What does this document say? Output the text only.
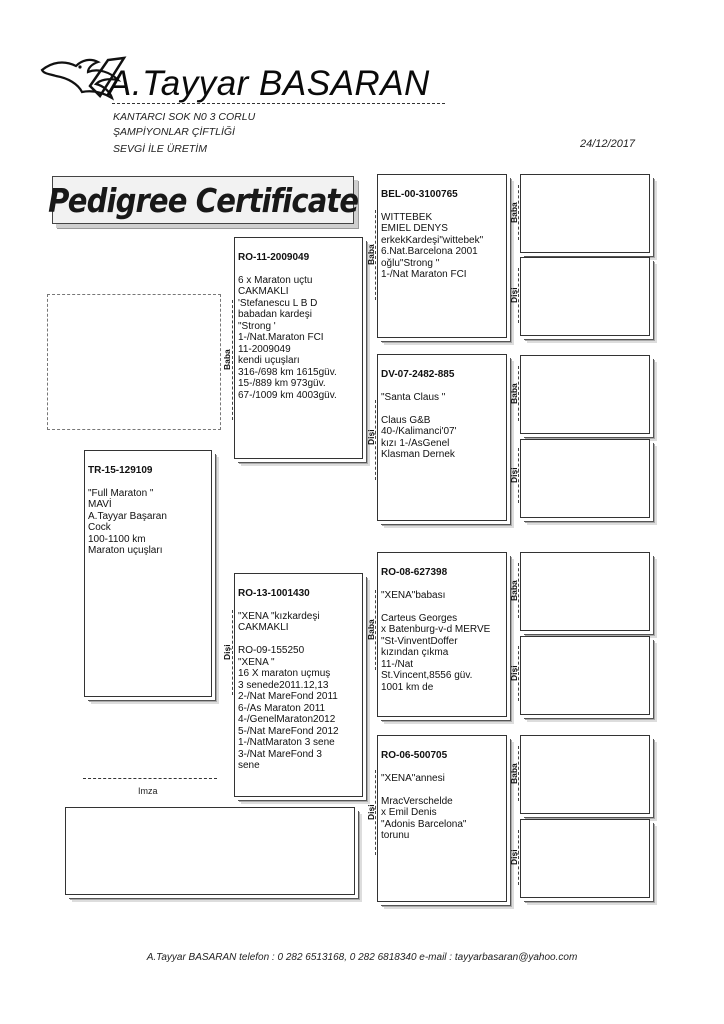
A.Tayyar BASARAN
KANTARCI SOK N0 3 CORLU
ŞAMPİYONLAR ÇİFTLİĞİ
SEVGİ İLE ÜRETİM	24/12/2017
Pedigree Certificate

TR-15-129109

"Full Maraton "
MAVİ
A.Tayyar Başaran
Cock
100-1100 km
Maraton uçuşları

Baba

RO-11-2009049

6 x Maraton uçtu
CAKMAKLI
'Stefanescu L B D
babadan kardeşi
"Strong '
1-/Nat.Maraton FCI
11-2009049
kendi uçuşları
316-/698 km 1615güv.
15-/889 km 973güv.
67-/1009 km 4003güv.

Dişi

RO-13-1001430

"XENA "kızkardeşi
CAKMAKLI

RO-09-155250
"XENA "
16 X maraton uçmuş
3 senede2011.12,13
2-/Nat MareFond 2011
6-/As Maraton 2011
4-/GenelMaraton2012
5-/Nat MareFond 2012
1-/NatMaraton 3 sene
3-/Nat MareFond 3
sene

Baba

BEL-00-3100765

WITTEBEK
EMIEL DENYS
erkekKardeşi"wittebek"
6.Nat.Barcelona 2001
oğlu"Strong "
1-/Nat Maraton FCI

Dişi

DV-07-2482-885

"Santa Claus "

Claus G&B
40-/Kalimanci'07'
kızı 1-/AsGenel
Klasman Dernek

Baba

RO-08-627398

"XENA"babası

Carteus Georges
x Batenburg-v-d MERVE
"St-VinventDoffer
kızından çıkma
11-/Nat
St.Vincent,8556 güv.
1001 km de

Dişi

RO-06-500705

"XENA"annesi

MracVerschelde
x Emil Denis
"Adonis Barcelona"
torunu

Baba
Dişi
Baba
Dişi
Baba
Dişi
Baba
Dişi
Imza
A.Tayyar BASARAN telefon : 0 282 6513168, 0 282 6818340 e-mail : tayyarbasaran@yahoo.com
